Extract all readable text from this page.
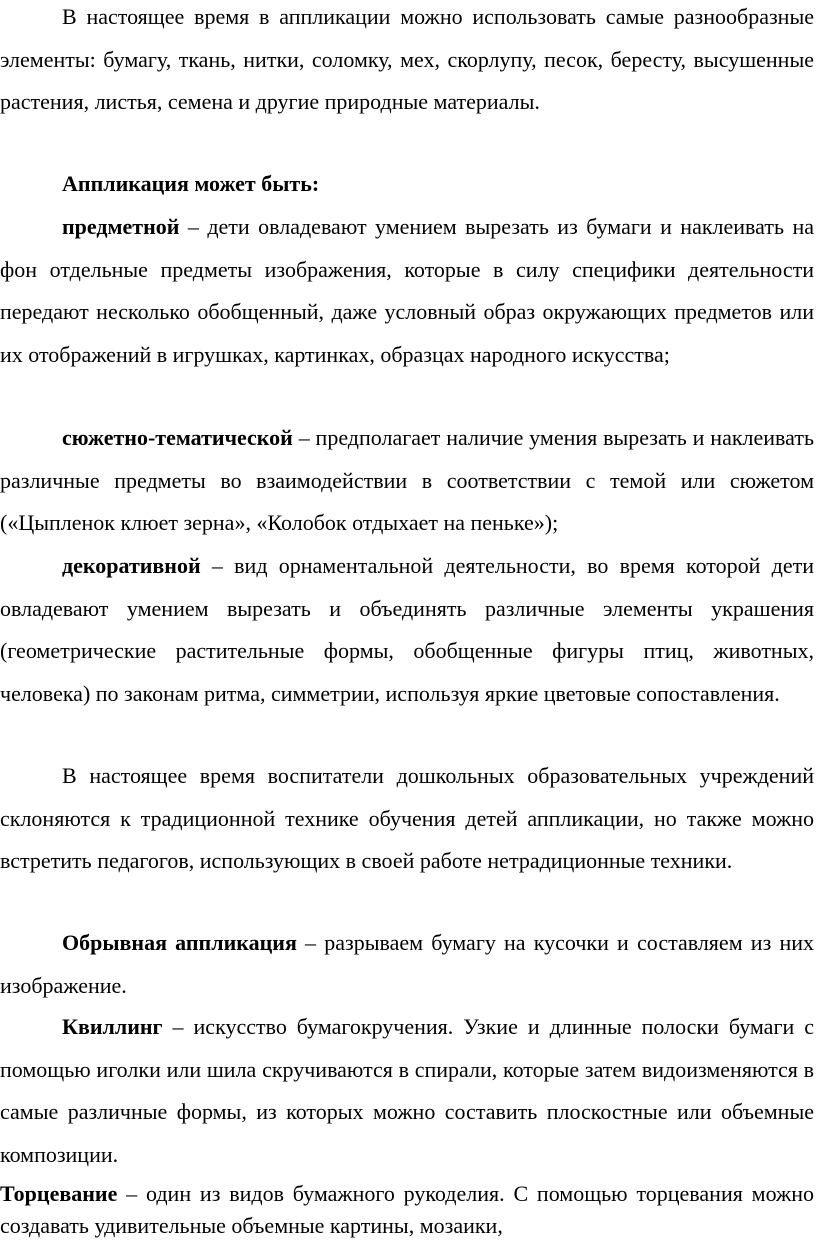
В настоящее время в аппликации можно использовать самые разнообразные элементы: бумагу, ткань, нитки, соломку, мех, скорлупу, песок, бересту, высушенные растения, листья, семена и другие природные материалы.

Аппликация может быть:

предметной – дети овладевают умением вырезать из бумаги и наклеивать на фон отдельные предметы изображения, которые в силу специфики деятельности передают несколько обобщенный, даже условный образ окружающих предметов или их отображений в игрушках, картинках, образцах народного искусства;

сюжетно-тематической – предполагает наличие умения вырезать и наклеивать различные предметы во взаимодействии в соответствии с темой или сюжетом («Цыпленок клюет зерна», «Колобок отдыхает на пеньке»);

декоративной – вид орнаментальной деятельности, во время которой дети овладевают умением вырезать и объединять различные элементы украшения (геометрические растительные формы, обобщенные фигуры птиц, животных, человека) по законам ритма, симметрии, используя яркие цветовые сопоставления.

В настоящее время воспитатели дошкольных образовательных учреждений склоняются к традиционной технике обучения детей аппликации, но также можно встретить педагогов, использующих в своей работе нетрадиционные техники.

Обрывная аппликация – разрываем бумагу на кусочки и составляем из них изображение.

Квиллинг – искусство бумагокручения. Узкие и длинные полоски бумаги с помощью иголки или шила скручиваются в спирали, которые затем видоизменяются в самые различные формы, из которых можно составить плоскостные или объемные композиции.

Торцевание – один из видов бумажного рукоделия. С помощью торцевания можно создавать удивительные объемные картины, мозаики,
